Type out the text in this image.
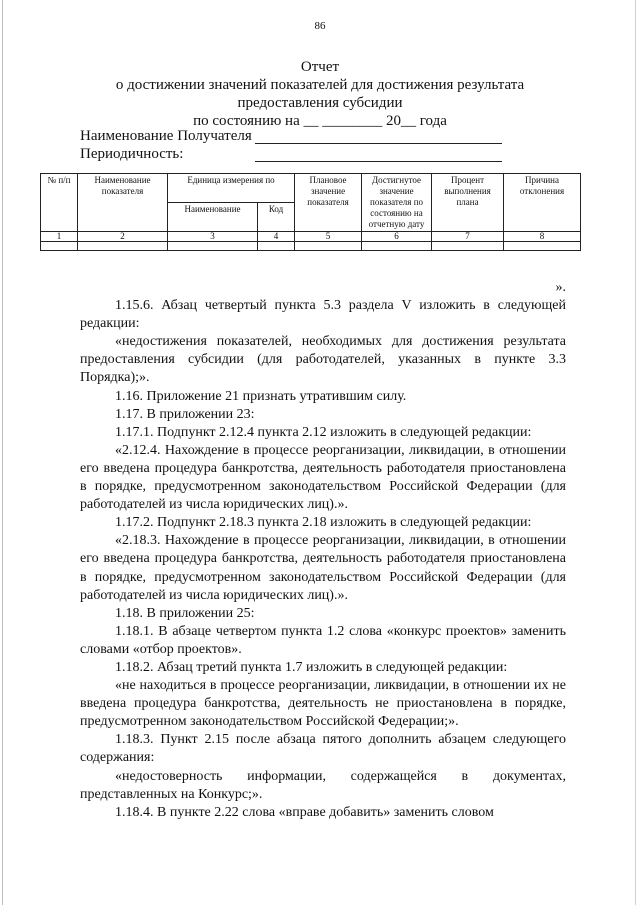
86
Отчет
о достижении значений показателей для достижения результата
предоставления субсидии
по состоянию на __ ________ 20__ года
Наименование Получателя
Периодичность:
№ п/п	Наименование показателя	Единица измерения по		Плановое значение показателя	Достигнутое значение показателя по состоянию на отчетную дату	Процент выполнения плана	Причина отклонения
		Наименование	Код				
1	2	3	4	5	6	7	8

».

1.15.6. Абзац четвертый пункта 5.3 раздела V изложить в следующей редакции:

«недостижения показателей, необходимых для достижения результата предоставления субсидии (для работодателей, указанных в пункте 3.3 Порядка);».

1.16. Приложение 21 признать утратившим силу.

1.17. В приложении 23:

1.17.1. Подпункт 2.12.4 пункта 2.12 изложить в следующей редакции:

«2.12.4. Нахождение в процессе реорганизации, ликвидации, в отношении его введена процедура банкротства, деятельность работодателя приостановлена в порядке, предусмотренном законодательством Российской Федерации (для работодателей из числа юридических лиц).».

1.17.2. Подпункт 2.18.3 пункта 2.18 изложить в следующей редакции:

«2.18.3. Нахождение в процессе реорганизации, ликвидации, в отношении его введена процедура банкротства, деятельность работодателя приостановлена в порядке, предусмотренном законодательством Российской Федерации (для работодателей из числа юридических лиц).».

1.18. В приложении 25:

1.18.1. В абзаце четвертом пункта 1.2 слова «конкурс проектов» заменить словами «отбор проектов».

1.18.2. Абзац третий пункта 1.7 изложить в следующей редакции:

«не находиться в процессе реорганизации, ликвидации, в отношении их не введена процедура банкротства, деятельность не приостановлена в порядке, предусмотренном законодательством Российской Федерации;».

1.18.3. Пункт 2.15 после абзаца пятого дополнить абзацем следующего содержания:

«недостоверность информации, содержащейся в документах, представленных на Конкурс;».

1.18.4. В пункте 2.22 слова «вправе добавить» заменить словом
